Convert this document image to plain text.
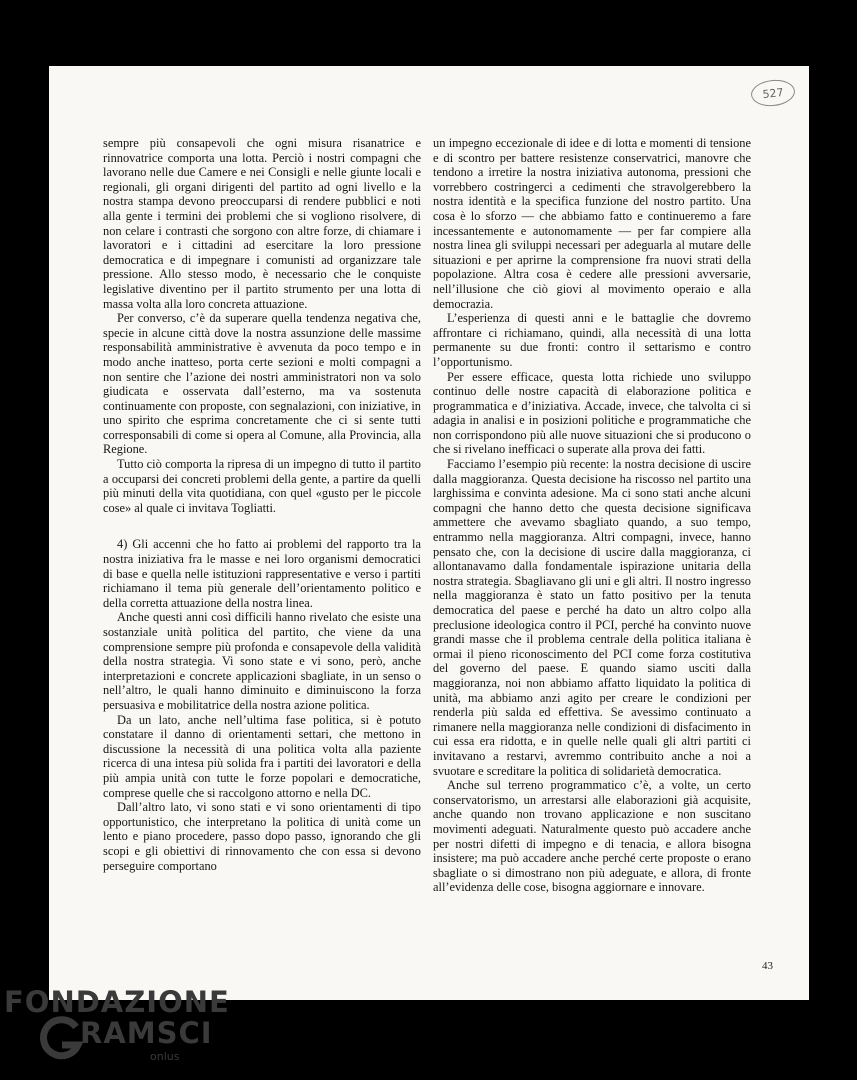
527

sempre più consapevoli che ogni misura risanatrice e rinnovatrice comporta una lotta. Perciò i nostri compagni che lavorano nelle due Camere e nei Consigli e nelle giunte locali e regionali, gli organi dirigenti del partito ad ogni livello e la nostra stampa devono preoccuparsi di rendere pubblici e noti alla gente i termini dei problemi che si vogliono risolvere, di non celare i contrasti che sorgono con altre forze, di chiamare i lavoratori e i cittadini ad esercitare la loro pressione democratica e di impegnare i comunisti ad organizzare tale pressione. Allo stesso modo, è necessario che le conquiste legislative diventino per il partito strumento per una lotta di massa volta alla loro concreta attuazione.

Per converso, c’è da superare quella tendenza negativa che, specie in alcune città dove la nostra assunzione delle massime responsabilità amministrative è avvenuta da poco tempo e in modo anche inatteso, porta certe sezioni e molti compagni a non sentire che l’azione dei nostri amministratori non va solo giudicata e osservata dall’esterno, ma va sostenuta continuamente con proposte, con segnalazioni, con iniziative, in uno spirito che esprima concretamente che ci si sente tutti corresponsabili di come si opera al Comune, alla Provincia, alla Regione.

Tutto ciò comporta la ripresa di un impegno di tutto il partito a occuparsi dei concreti problemi della gente, a partire da quelli più minuti della vita quotidiana, con quel «gusto per le piccole cose» al quale ci invitava Togliatti.

4) Gli accenni che ho fatto ai problemi del rapporto tra la nostra iniziativa fra le masse e nei loro organismi democratici di base e quella nelle istituzioni rappresentative e verso i partiti richiamano il tema più generale dell’orientamento politico e della corretta attuazione della nostra linea.

Anche questi anni così difficili hanno rivelato che esiste una sostanziale unità politica del partito, che viene da una comprensione sempre più profonda e consapevole della validità della nostra strategia. Vi sono state e vi sono, però, anche interpretazioni e concrete applicazioni sbagliate, in un senso o nell’altro, le quali hanno diminuito e diminuiscono la forza persuasiva e mobilitatrice della nostra azione politica.

Da un lato, anche nell’ultima fase politica, si è potuto constatare il danno di orientamenti settari, che mettono in discussione la necessità di una politica volta alla paziente ricerca di una intesa più solida fra i partiti dei lavoratori e della più ampia unità con tutte le forze popolari e democratiche, comprese quelle che si raccolgono attorno e nella DC.

Dall’altro lato, vi sono stati e vi sono orientamenti di tipo opportunistico, che interpretano la politica di unità come un lento e piano procedere, passo dopo passo, ignorando che gli scopi e gli obiettivi di rinnovamento che con essa si devono perseguire comportano

un impegno eccezionale di idee e di lotta e momenti di tensione e di scontro per battere resistenze conservatrici, manovre che tendono a irretire la nostra iniziativa autonoma, pressioni che vorrebbero costringerci a cedimenti che stravolgerebbero la nostra identità e la specifica funzione del nostro partito. Una cosa è lo sforzo — che abbiamo fatto e continueremo a fare incessantemente e autonomamente — per far compiere alla nostra linea gli sviluppi necessari per adeguarla al mutare delle situazioni e per aprirne la comprensione fra nuovi strati della popolazione. Altra cosa è cedere alle pressioni avversarie, nell’illusione che ciò giovi al movimento operaio e alla democrazia.

L’esperienza di questi anni e le battaglie che dovremo affrontare ci richiamano, quindi, alla necessità di una lotta permanente su due fronti: contro il settarismo e contro l’opportunismo.

Per essere efficace, questa lotta richiede uno sviluppo continuo delle nostre capacità di elaborazione politica e programmatica e d’iniziativa. Accade, invece, che talvolta ci si adagia in analisi e in posizioni politiche e programmatiche che non corrispondono più alle nuove situazioni che si producono o che si rivelano inefficaci o superate alla prova dei fatti.

Facciamo l’esempio più recente: la nostra decisione di uscire dalla maggioranza. Questa decisione ha riscosso nel partito una larghissima e convinta adesione. Ma ci sono stati anche alcuni compagni che hanno detto che questa decisione significava ammettere che avevamo sbagliato quando, a suo tempo, entrammo nella maggioranza. Altri compagni, invece, hanno pensato che, con la decisione di uscire dalla maggioranza, ci allontanavamo dalla fondamentale ispirazione unitaria della nostra strategia. Sbagliavano gli uni e gli altri. Il nostro ingresso nella maggioranza è stato un fatto positivo per la tenuta democratica del paese e perché ha dato un altro colpo alla preclusione ideologica contro il PCI, perché ha convinto nuove grandi masse che il problema centrale della politica italiana è ormai il pieno riconoscimento del PCI come forza costitutiva del governo del paese. E quando siamo usciti dalla maggioranza, noi non abbiamo affatto liquidato la politica di unità, ma abbiamo anzi agito per creare le condizioni per renderla più salda ed effettiva. Se avessimo continuato a rimanere nella maggioranza nelle condizioni di disfacimento in cui essa era ridotta, e in quelle nelle quali gli altri partiti ci invitavano a restarvi, avremmo contribuito anche a noi a svuotare e screditare la politica di solidarietà democratica.

Anche sul terreno programmatico c’è, a volte, un certo conservatorismo, un arrestarsi alle elaborazioni già acquisite, anche quando non trovano applicazione e non suscitano movimenti adeguati. Naturalmente questo può accadere anche per nostri difetti di impegno e di tenacia, e allora bisogna insistere; ma può accadere anche perché certe proposte o erano sbagliate o si dimostrano non più adeguate, e allora, di fronte all’evidenza delle cose, bisogna aggiornare e innovare.

43
FONDAZIONE
RAMSCI
onlus
